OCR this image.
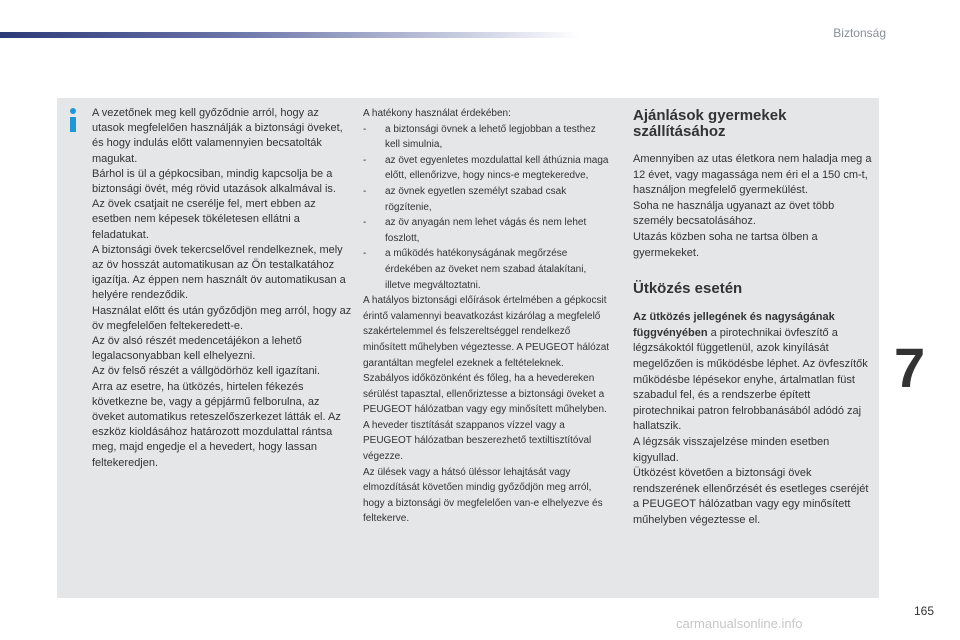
Biztonság

A vezetőnek meg kell győződnie arról, hogy az utasok megfelelően használják a biztonsági öveket, és hogy indulás előtt valamennyien becsatolták magukat.

Bárhol is ül a gépkocsiban, mindig kapcsolja be a biztonsági övét, még rövid utazások alkalmával is.

Az övek csatjait ne cserélje fel, mert ebben az esetben nem képesek tökéletesen ellátni a feladatukat.

A biztonsági övek tekercselővel rendelkeznek, mely az öv hosszát automatikusan az Ön testalkatához igazítja. Az éppen nem használt öv automatikusan a helyére rendeződik.

Használat előtt és után győződjön meg arról, hogy az öv megfelelően feltekeredett-e.

Az öv alsó részét medencetájékon a lehető legalacsonyabban kell elhelyezni.

Az öv felső részét a vállgödörhöz kell igazítani.

Arra az esetre, ha ütközés, hirtelen fékezés következne be, vagy a gépjármű felborulna, az öveket automatikus reteszelőszerkezet látták el. Az eszköz kioldásához határozott mozdulattal rántsa meg, majd engedje el a hevedert, hogy lassan feltekeredjen.

A hatékony használat érdekében:

- a biztonsági övnek a lehető legjobban a testhez kell simulnia,
- az övet egyenletes mozdulattal kell áthúznia maga előtt, ellenőrizve, hogy nincs-e megtekeredve,
- az övnek egyetlen személyt szabad csak rögzítenie,
- az öv anyagán nem lehet vágás és nem lehet foszlott,
- a működés hatékonyságának megőrzése érdekében az öveket nem szabad átalakítani, illetve megváltoztatni.

A hatályos biztonsági előírások értelmében a gépkocsit érintő valamennyi beavatkozást kizárólag a megfelelő szakértelemmel és felszereltséggel rendelkező minősített műhelyben végeztesse. A PEUGEOT hálózat garantáltan megfelel ezeknek a feltételeknek.

Szabályos időközönként és főleg, ha a hevedereken sérülést tapasztal, ellenőriztesse a biztonsági öveket a PEUGEOT hálózatban vagy egy minősített műhelyben.

A heveder tisztítását szappanos vízzel vagy a PEUGEOT hálózatban beszerezhető textiltisztítóval végezze.

Az ülések vagy a hátsó üléssor lehajtását vagy elmozdítását követően mindig győződjön meg arról, hogy a biztonsági öv megfelelően van-e elhelyezve és feltekerve.

Ajánlások gyermekek szállításához

Amennyiben az utas életkora nem haladja meg a 12 évet, vagy magassága nem éri el a 150 cm-t, használjon megfelelő gyermekülést.

Soha ne használja ugyanazt az övet több személy becsatolásához.

Utazás közben soha ne tartsa ölben a gyermekeket.

Ütközés esetén

Az ütközés jellegének és nagyságának függvényében a pirotechnikai övfeszítő a légzsákoktól függetlenül, azok kinyílását megelőzően is működésbe léphet. Az övfeszítők működésbe lépésekor enyhe, ártalmatlan füst szabadul fel, és a rendszerbe épített pirotechnikai patron felrobbanásából adódó zaj hallatszik.

A légzsák visszajelzése minden esetben kigyullad.

Ütközést követően a biztonsági övek rendszerének ellenőrzését és esetleges cseréjét a PEUGEOT hálózatban vagy egy minősített műhelyben végeztesse el.

7
165
carmanualsonline.info
